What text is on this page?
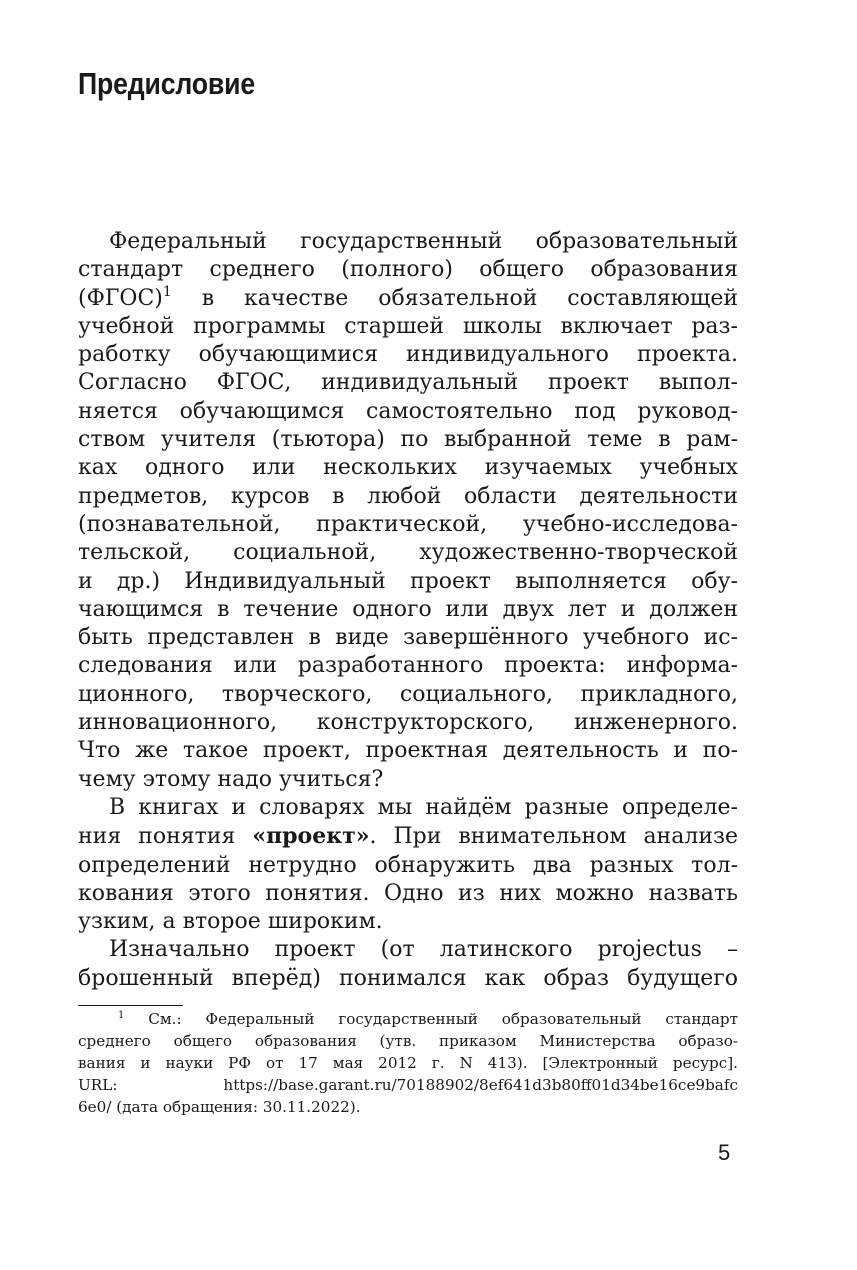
Предисловие

Федеральный государственный образовательный
стандарт среднего (полного) общего образования
(ФГОС)$^1$ в качестве обязательной составляющей
учебной программы старшей школы включает раз-
работку обучающимися индивидуального проекта.
Согласно ФГОС, индивидуальный проект выпол-
няется обучающимся самостоятельно под руковод-
ством учителя (тьютора) по выбранной теме в рам-
ках одного или нескольких изучаемых учебных
предметов, курсов в любой области деятельности
(познавательной, практической, учебно-исследова-
тельской, социальной, художественно-творческой
и др.) Индивидуальный проект выполняется обу-
чающимся в течение одного или двух лет и должен
быть представлен в виде завершённого учебного ис-
следования или разработанного проекта: информа-
ционного, творческого, социального, прикладного,
инновационного, конструкторского, инженерного.
Что же такое проект, проектная деятельность и по-
чему этому надо учиться?

В книгах и словарях мы найдём разные определе-
ния понятия «проект». При внимательном анализе
определений нетрудно обнаружить два разных тол-
кования этого понятия. Одно из них можно назвать
узким, а второе широким.

Изначально проект (от латинского projectus –
брошенный вперёд) понимался как образ будущего

$^1$ См.: Федеральный государственный образовательный стандарт
среднего общего образования (утв. приказом Министерства образо-
вания и науки РФ от 17 мая 2012 г. N 413). [Электронный ресурс].
URL: https://base.garant.ru/70188902/8ef641d3b80ff01d34be16ce9bafc
6e0/ (дата обращения: 30.11.2022).
5
